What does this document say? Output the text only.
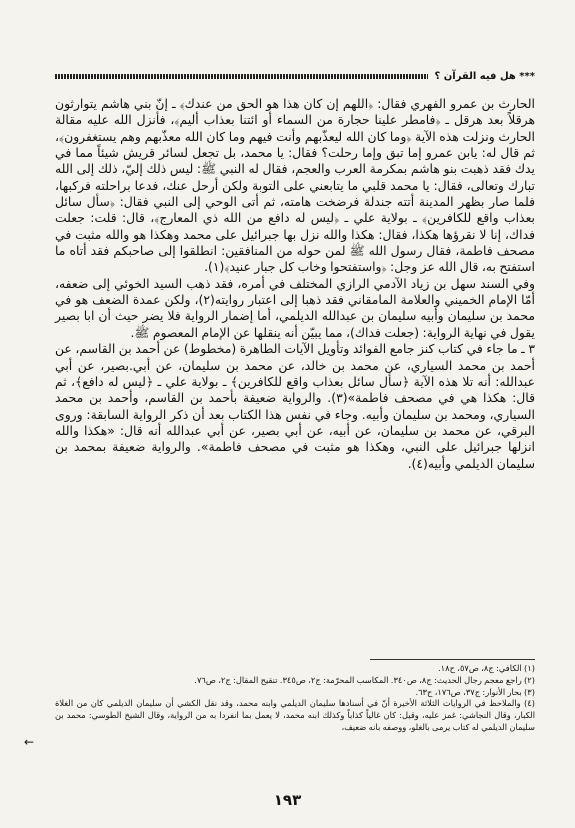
*** هل فيه القرآن ؟

الحارث بن عمرو الفهري فقال: ﴿اللهم إن كان هذا هو الحق من عندك﴾ ـ إنّ بني هاشم يتوارثون هرقلاً بعد هرقل ـ ﴿فامطر علينا حجارة من السماء أو ائتنا بعذاب أليم﴾، فأنزل الله عليه مقالة الحارث ونزلت هذه الآية ﴿وما كان الله ليعذّبهم وأنت فيهم وما كان الله معذّبهم وهم يستغفرون﴾، ثم قال له: يابن عمرو إما تبق وإما رحلت؟ فقال: يا محمد، بل تجعل لسائر قريش شيئاً مما في يدك فقد ذهبت بنو هاشم بمكرمة العرب والعجم، فقال له النبي ﷺ: ليس ذلك إليّ، ذلك إلى الله تبارك وتعالى، فقال: يا محمد قلبي ما يتابعني على التوبة ولكن أرحل عنك، فدعا براحلته فركبها، فلما صار بظهر المدينة أتته جندلة فرضخت هامته، ثم أتى الوحي إلى النبي فقال: ﴿سأل سائل بعذاب واقع للكافرين﴾ ـ بولاية علي ـ ﴿ليس له دافع من الله ذي المعارج﴾، قال: قلت: جعلت فداك، إنا لا نقرؤها هكذا، فقال: هكذا والله نزل بها جبرائيل على محمد وهكذا هو والله مثبت في مصحف فاطمة، فقال رسول الله ﷺ لمن حوله من المنافقين: انطلقوا إلى صاحبكم فقد أتاه ما استفتح به، قال الله عز وجل: ﴿واستفتحوا وخاب كل جبار عنيد﴾(١).

وفي السند سهل بن زياد الآدمي الرازي المختلف في أمره، فقد ذهب السيد الخوئي إلى ضعفه، أمّا الإمام الخميني والعلامة المامقاني فقد ذهبا إلى اعتبار روايته(٢)، ولكن عمدة الضعف هو في محمد بن سليمان وأبيه سليمان بن عبدالله الديلمي، أما إضمار الرواية فلا يضر حيث أن ابا بصير يقول في نهاية الرواية: (جعلت فداك)، مما يبيّن أنه ينقلها عن الإمام المعصوم ﷺ.

٣ ـ ما جاء في كتاب كنز جامع الفوائد وتأويل الآيات الطاهرة (مخطوط) عن أحمد بن القاسم، عن أحمد بن محمد السياري، عن محمد بن خالد، عن محمد بن سليمان، عن أبي.بصير، عن أبي عبدالله: أنه تلا هذه الآية ﴿سأل سائل بعذاب واقع للكافرين﴾ ـ بولاية علي ـ ﴿ليس له دافع﴾، ثم قال: هكذا هي في مصحف فاطمة»(٣). والرواية ضعيفة بأحمد بن القاسم، وأحمد بن محمد السياري، ومحمد بن سليمان وأبيه. وجاء في نفس هذا الكتاب بعد أن ذكر الرواية السابقة: وروى البرقي، عن محمد بن سليمان، عن أبيه، عن أبي بصير، عن أبي عبدالله أنه قال: «هكذا والله انزلها جبرائيل على النبي، وهكذا هو مثبت في مصحف فاطمة». والرواية ضعيفة بمحمد بن سليمان الديلمي وأبيه(٤).

(١) الكافي: ج٨، ص٥٧، ح١٨.

(٢) راجع معجم رجال الحديث: ج٨، ص٣٤٠. المكاسب المحرّمة: ج٢، ص٣٤٥. تنقيح المقال: ج٢، ص٧٦.

(٣) بحار الأنوار: ج٣٧، ص١٧٦، ح٦٣.

(٤) والملاحظ في الروايات الثلاثة الأخيرة أنّ في أسنادها سليمان الديلمي وابنه محمد، وقد نقل الكشي أن سليمان الديلمي كان من الغلاة الكبار، وقال النجاشي: غمز عليه، وقيل: كان غالياً كذاباً وكذلك ابنه محمد، لا يعمل بما انفردا به من الرواية، وقال الشيخ الطوسي: محمد بن سليمان الديلمي له كتاب يرمى بالغلو، ووصفه بانه ضعيف،

←
١٩٣
